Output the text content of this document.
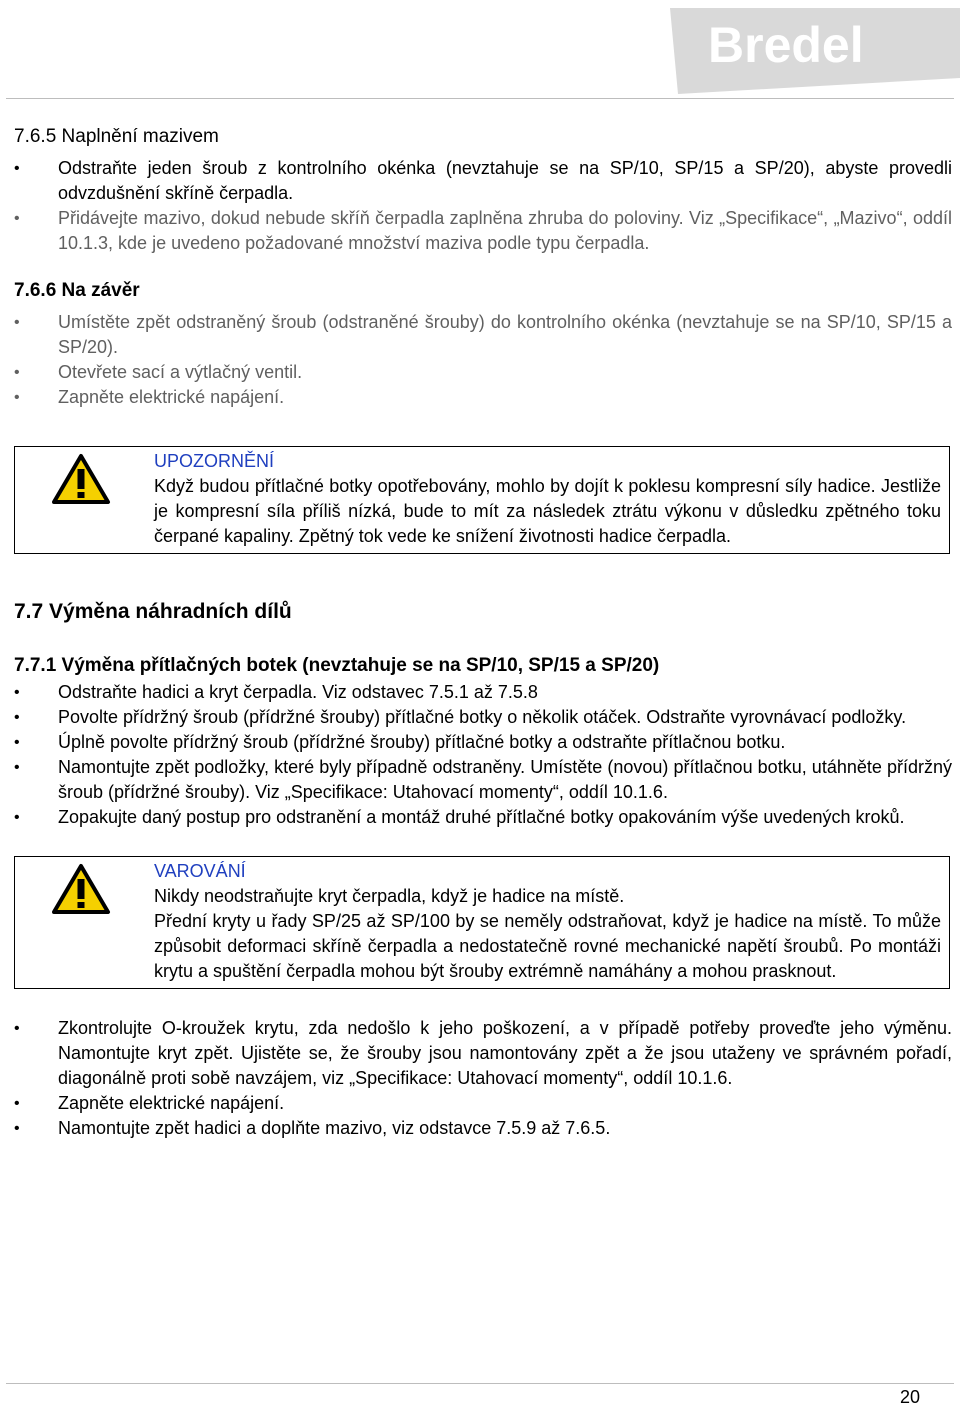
Bredel
7.6.5 Naplnění mazivem
• Odstraňte jeden šroub z kontrolního okénka (nevztahuje se na SP/10, SP/15 a SP/20), abyste provedli odvzdušnění skříně čerpadla.
• Přidávejte mazivo, dokud nebude skříň čerpadla zaplněna zhruba do poloviny. Viz „Specifikace“, „Mazivo“, oddíl 10.1.3, kde je uvedeno požadované množství maziva podle typu čerpadla.
7.6.6 Na závěr
• Umístěte zpět odstraněný šroub (odstraněné šrouby) do kontrolního okénka (nevztahuje se na SP/10, SP/15 a SP/20).
• Otevřete sací a výtlačný ventil.
• Zapněte elektrické napájení.
UPOZORNĚNÍ
Když budou přítlačné botky opotřebovány, mohlo by dojít k poklesu kompresní síly hadice. Jestliže je kompresní síla příliš nízká, bude to mít za následek ztrátu výkonu v důsledku zpětného toku čerpané kapaliny. Zpětný tok vede ke snížení životnosti hadice čerpadla.
7.7 Výměna náhradních dílů
7.7.1 Výměna přítlačných botek (nevztahuje se na SP/10, SP/15 a SP/20)
• Odstraňte hadici a kryt čerpadla. Viz odstavec 7.5.1 až 7.5.8
• Povolte přídržný šroub (přídržné šrouby) přítlačné botky o několik otáček. Odstraňte vyrovnávací podložky.
• Úplně povolte přídržný šroub (přídržné šrouby) přítlačné botky a odstraňte přítlačnou botku.
• Namontujte zpět podložky, které byly případně odstraněny. Umístěte (novou) přítlačnou botku, utáhněte přídržný šroub (přídržné šrouby). Viz „Specifikace: Utahovací momenty“, oddíl 10.1.6.
• Zopakujte daný postup pro odstranění a montáž druhé přítlačné botky opakováním výše uvedených kroků.
VAROVÁNÍ
Nikdy neodstraňujte kryt čerpadla, když je hadice na místě.
Přední kryty u řady SP/25 až SP/100 by se neměly odstraňovat, když je hadice na místě. To může způsobit deformaci skříně čerpadla a nedostatečně rovné mechanické napětí šroubů. Po montáži krytu a spuštění čerpadla mohou být šrouby extrémně namáhány a mohou prasknout.
• Zkontrolujte O-kroužek krytu, zda nedošlo k jeho poškození, a v případě potřeby proveďte jeho výměnu. Namontujte kryt zpět. Ujistěte se, že šrouby jsou namontovány zpět a že jsou utaženy ve správném pořadí, diagonálně proti sobě navzájem, viz „Specifikace: Utahovací momenty“, oddíl 10.1.6.
• Zapněte elektrické napájení.
• Namontujte zpět hadici a doplňte mazivo, viz odstavce 7.5.9 až 7.6.5.
20
